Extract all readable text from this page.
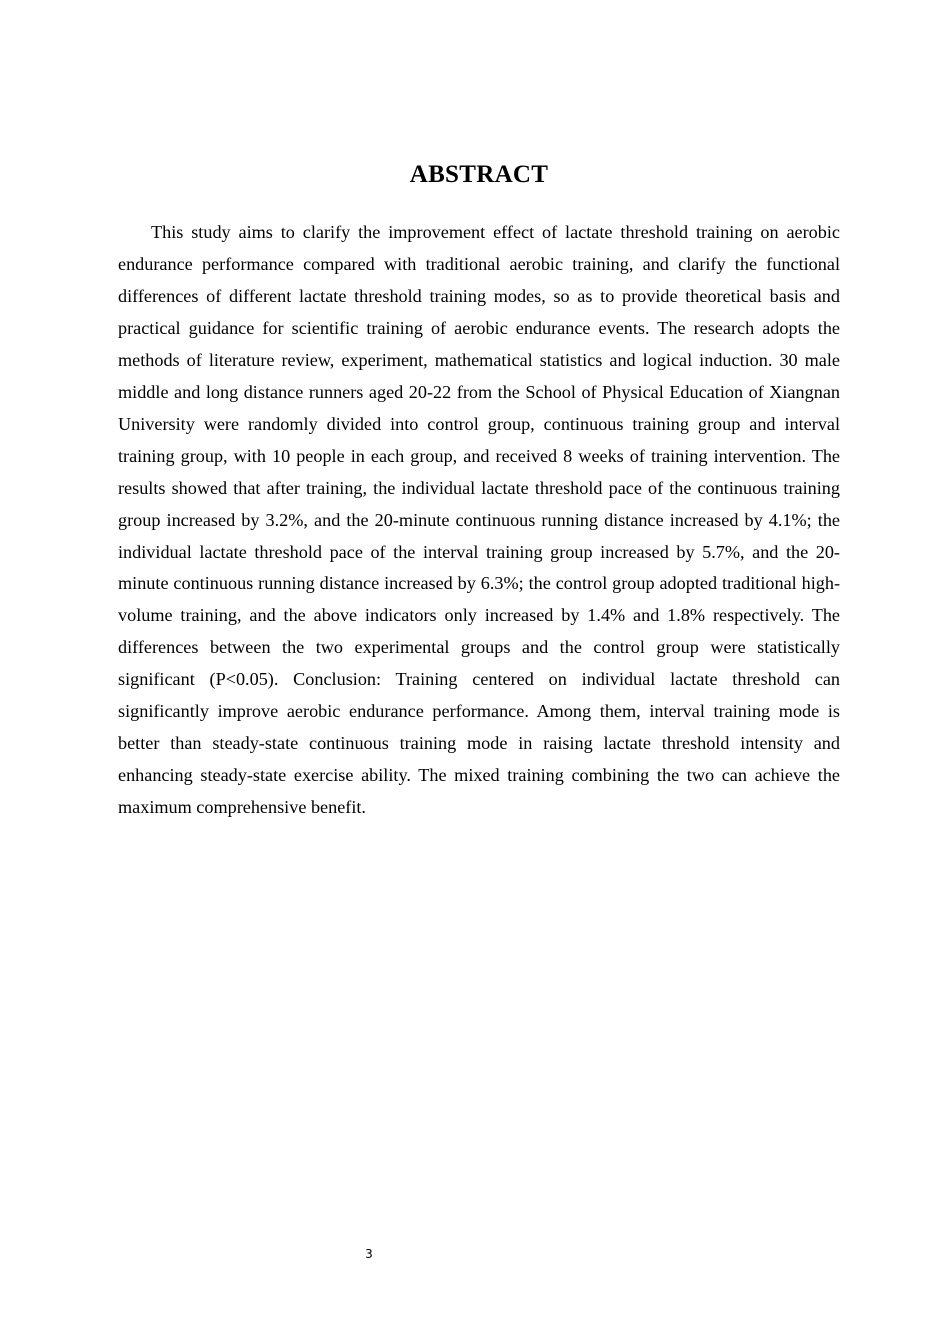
ABSTRACT

This study aims to clarify the improvement effect of lactate threshold training on aerobic endurance performance compared with traditional aerobic training, and clarify the functional differences of different lactate threshold training modes, so as to provide theoretical basis and practical guidance for scientific training of aerobic endurance events. The research adopts the methods of literature review, experiment, mathematical statistics and logical induction. 30 male middle and long distance runners aged 20-22 from the School of Physical Education of Xiangnan University were randomly divided into control group, continuous training group and interval training group, with 10 people in each group, and received 8 weeks of training intervention. The results showed that after training, the individual lactate threshold pace of the continuous training group increased by 3.2%, and the 20-minute continuous running distance increased by 4.1%; the individual lactate threshold pace of the interval training group increased by 5.7%, and the 20-minute continuous running distance increased by 6.3%; the control group adopted traditional high-volume training, and the above indicators only increased by 1.4% and 1.8% respectively. The differences between the two experimental groups and the control group were statistically significant (P<0.05). Conclusion: Training centered on individual lactate threshold can significantly improve aerobic endurance performance. Among them, interval training mode is better than steady-state continuous training mode in raising lactate threshold intensity and enhancing steady-state exercise ability. The mixed training combining the two can achieve the maximum comprehensive benefit.

3
